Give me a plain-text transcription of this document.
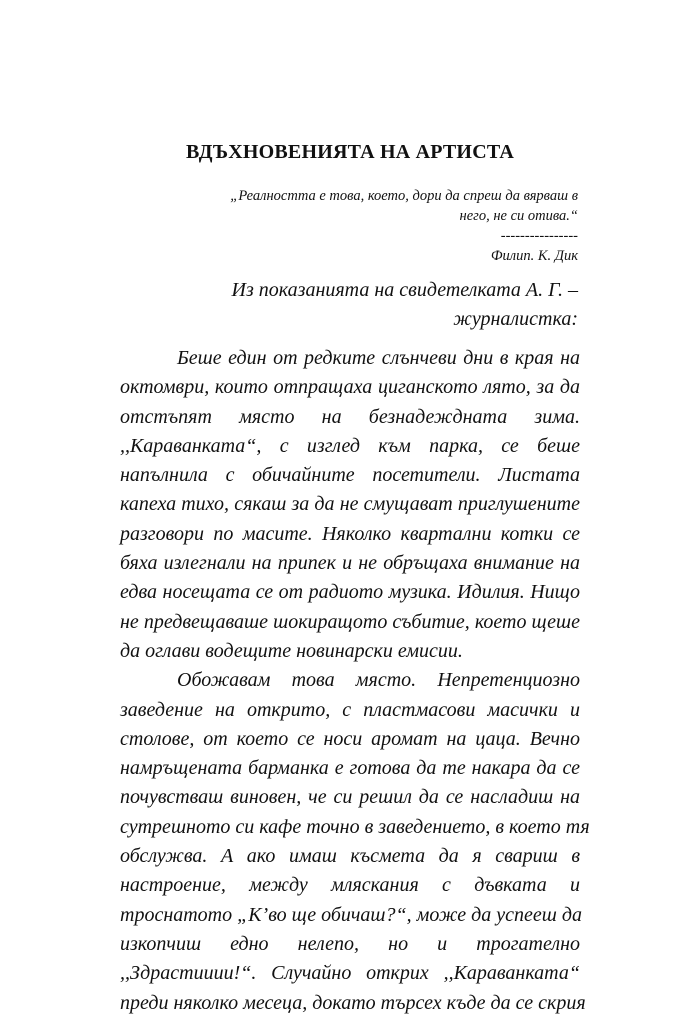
ВДЪХНОВЕНИЯТА НА АРТИСТА
„Реалността е това, което, дори да спреш да вярваш в
него, не си отива.“
----------------
Филип. К. Дик
Из показанията на свидетелката А. Г. –
журналистка:
Беше един от редките слънчеви дни в края на
октомври, които отпращаха циганското лято, за да
отстъпят място на безнадеждната зима.
,,Караванката“, с изглед към парка, се беше
напълнила с обичайните посетители. Листата
капеха тихо, сякаш за да не смущават приглушените
разговори по масите. Няколко квартални котки се
бяха излегнали на припек и не обръщаха внимание на
едва носещата се от радиото музика. Идилия. Нищо
не предвещаваше шокиращото събитие, което щеше
да оглави водещите новинарски емисии.
Обожавам това място. Непретенциозно
заведение на открито, с пластмасови масички и
столове, от което се носи аромат на цаца. Вечно
намръщената барманка е готова да те накара да се
почувстваш виновен, че си решил да се насладиш на
сутрешното си кафе точно в заведението, в което тя
обслужва. А ако имаш късмета да я свариш в
настроение, между мляскания с дъвката и
троснатото „К’во ще обичаш?“, може да успееш да
изкопчиш едно нелепо, но и трогателно
,,Здрастииии!“. Случайно открих ,,Караванката“
преди няколко месеца, докато търсех къде да се скрия
